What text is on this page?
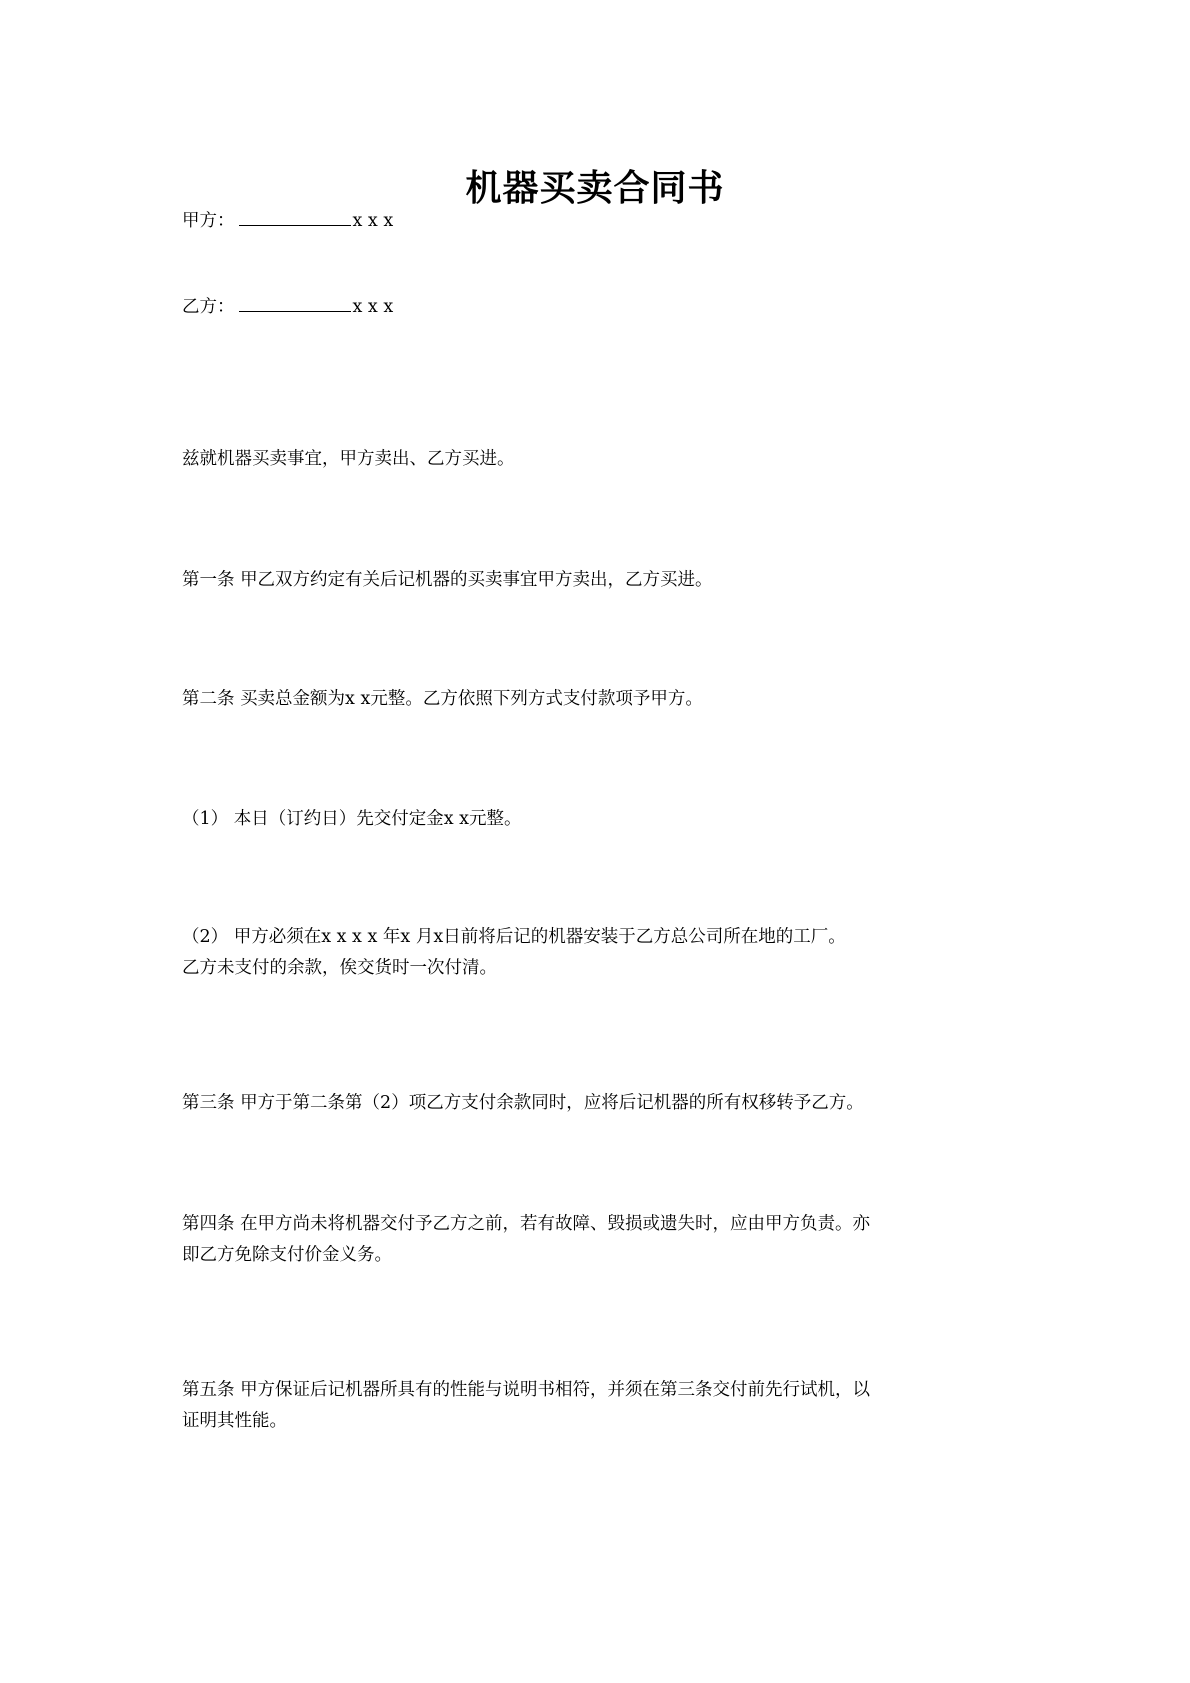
机器买卖合同书
甲方：	x x x
乙方：	x x x
兹就机器买卖事宜，甲方卖出、乙方买进。
第一条 甲乙双方约定有关后记机器的买卖事宜甲方卖出，乙方买进。
第二条 买卖总金额为x x元整。乙方依照下列方式支付款项予甲方。
（1） 本日（订约日）先交付定金x x元整。
（2） 甲方必须在x x x x 年x 月x日前将后记的机器安装于乙方总公司所在地的工厂。
乙方未支付的余款，俟交货时一次付清。
第三条 甲方于第二条第（2）项乙方支付余款同时，应将后记机器的所有权移转予乙方。
第四条 在甲方尚未将机器交付予乙方之前，若有故障、毁损或遗失时，应由甲方负责。亦
即乙方免除支付价金义务。
第五条 甲方保证后记机器所具有的性能与说明书相符，并须在第三条交付前先行试机，以
证明其性能。
